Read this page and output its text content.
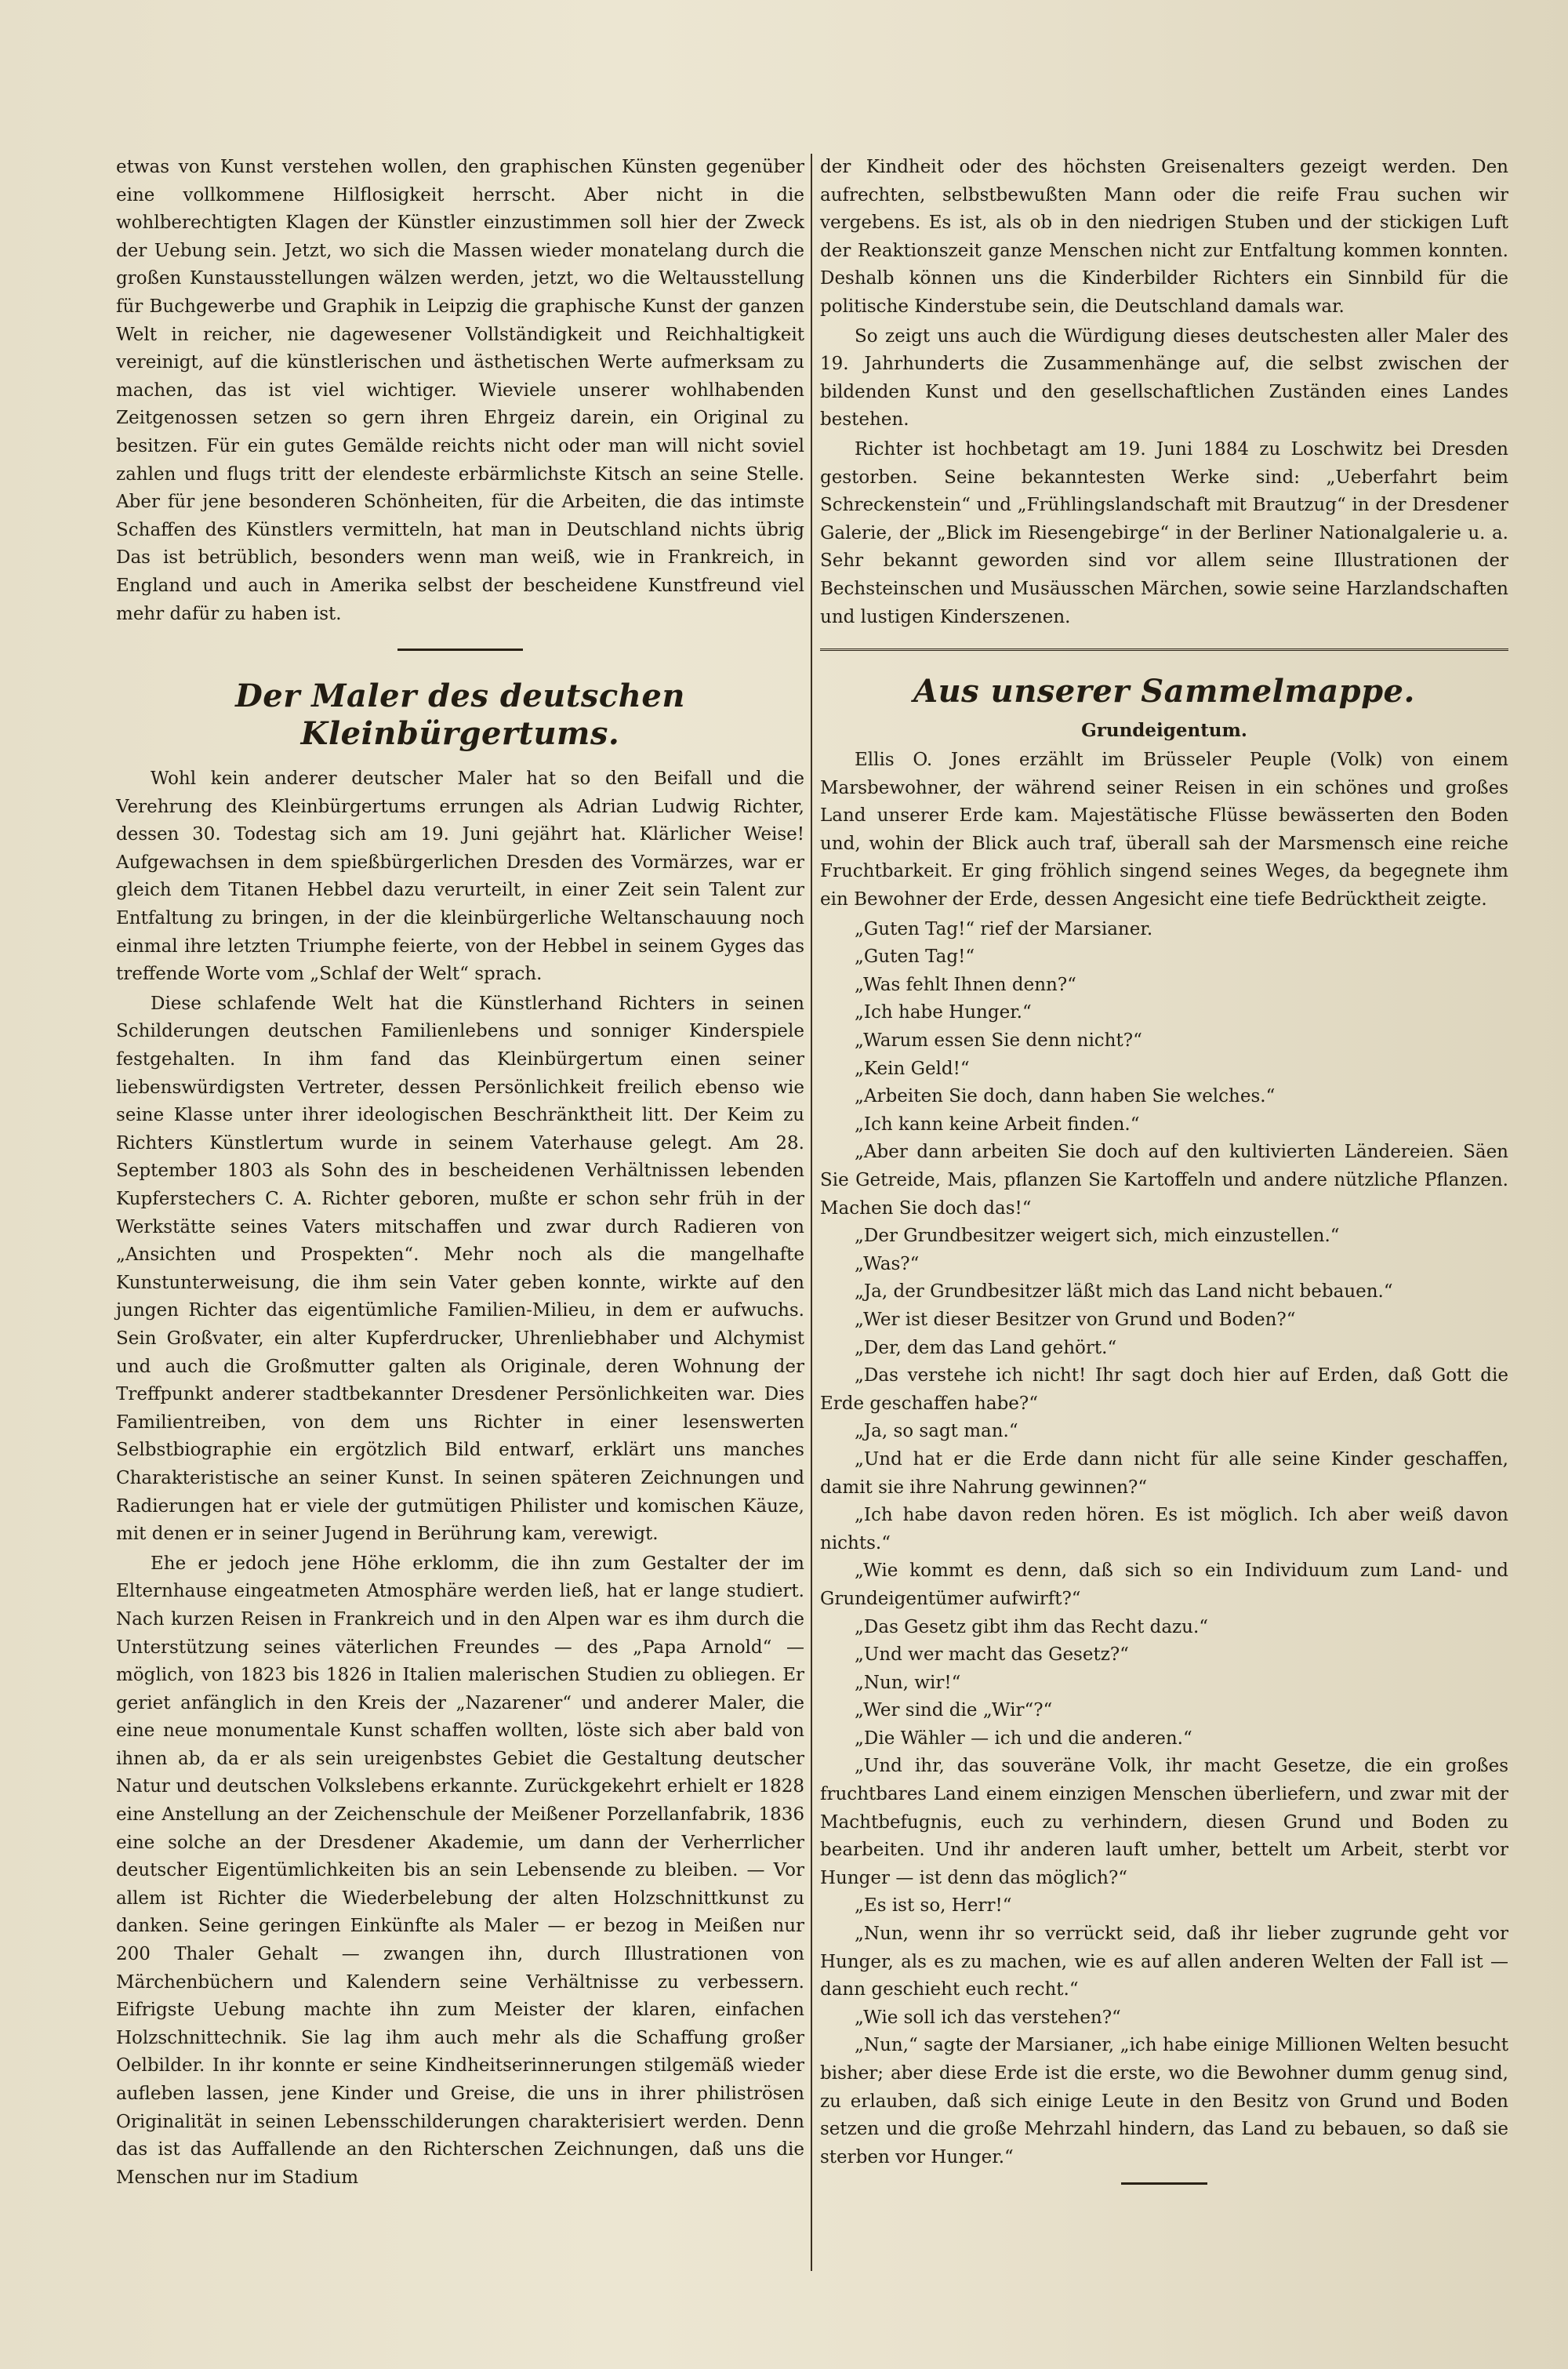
etwas von Kunst verstehen wollen, den graphischen Künsten gegenüber eine vollkommene Hilflosigkeit herrscht. Aber nicht in die wohlberechtigten Klagen der Künstler einzustimmen soll hier der Zweck der Uebung sein. Jetzt, wo sich die Massen wieder monatelang durch die großen Kunstausstellungen wälzen werden, jetzt, wo die Weltausstellung für Buchgewerbe und Graphik in Leipzig die graphische Kunst der ganzen Welt in reicher, nie dagewesener Vollständigkeit und Reichhaltigkeit vereinigt, auf die künstlerischen und ästhetischen Werte aufmerksam zu machen, das ist viel wichtiger. Wieviele unserer wohlhabenden Zeitgenossen setzen so gern ihren Ehrgeiz darein, ein Original zu besitzen. Für ein gutes Gemälde reichts nicht oder man will nicht soviel zahlen und flugs tritt der elendeste erbärmlichste Kitsch an seine Stelle. Aber für jene besonderen Schönheiten, für die Arbeiten, die das intimste Schaffen des Künstlers vermitteln, hat man in Deutschland nichts übrig Das ist betrüblich, besonders wenn man weiß, wie in Frankreich, in England und auch in Amerika selbst der bescheidene Kunstfreund viel mehr dafür zu haben ist.

Der Maler des deutschen Kleinbürgertums.

Wohl kein anderer deutscher Maler hat so den Beifall und die Verehrung des Kleinbürgertums errungen als Adrian Ludwig Richter, dessen 30. Todestag sich am 19. Juni gejährt hat. Klärlicher Weise! Aufgewachsen in dem spießbürgerlichen Dresden des Vormärzes, war er gleich dem Titanen Hebbel dazu verurteilt, in einer Zeit sein Talent zur Entfaltung zu bringen, in der die kleinbürgerliche Weltanschauung noch einmal ihre letzten Triumphe feierte, von der Hebbel in seinem Gyges das treffende Worte vom „Schlaf der Welt“ sprach.

Diese schlafende Welt hat die Künstlerhand Richters in seinen Schilderungen deutschen Familienlebens und sonniger Kinderspiele festgehalten. In ihm fand das Kleinbürgertum einen seiner liebenswürdigsten Vertreter, dessen Persönlichkeit freilich ebenso wie seine Klasse unter ihrer ideologischen Beschränktheit litt. Der Keim zu Richters Künstlertum wurde in seinem Vaterhause gelegt. Am 28. September 1803 als Sohn des in bescheidenen Verhältnissen lebenden Kupferstechers C. A. Richter geboren, mußte er schon sehr früh in der Werkstätte seines Vaters mitschaffen und zwar durch Radieren von „Ansichten und Prospekten“. Mehr noch als die mangelhafte Kunstunterweisung, die ihm sein Vater geben konnte, wirkte auf den jungen Richter das eigentümliche Familien-Milieu, in dem er aufwuchs. Sein Großvater, ein alter Kupferdrucker, Uhrenliebhaber und Alchymist und auch die Großmutter galten als Originale, deren Wohnung der Treffpunkt anderer stadtbekannter Dresdener Persönlichkeiten war. Dies Familientreiben, von dem uns Richter in einer lesenswerten Selbstbiographie ein ergötzlich Bild entwarf, erklärt uns manches Charakteristische an seiner Kunst. In seinen späteren Zeichnungen und Radierungen hat er viele der gutmütigen Philister und komischen Käuze, mit denen er in seiner Jugend in Berührung kam, verewigt.

Ehe er jedoch jene Höhe erklomm, die ihn zum Gestalter der im Elternhause eingeatmeten Atmosphäre werden ließ, hat er lange studiert. Nach kurzen Reisen in Frankreich und in den Alpen war es ihm durch die Unterstützung seines väterlichen Freundes — des „Papa Arnold“ — möglich, von 1823 bis 1826 in Italien malerischen Studien zu obliegen. Er geriet anfänglich in den Kreis der „Nazarener“ und anderer Maler, die eine neue monumentale Kunst schaffen wollten, löste sich aber bald von ihnen ab, da er als sein ureigenbstes Gebiet die Gestaltung deutscher Natur und deutschen Volkslebens erkannte. Zurückgekehrt erhielt er 1828 eine Anstellung an der Zeichenschule der Meißener Porzellanfabrik, 1836 eine solche an der Dresdener Akademie, um dann der Verherrlicher deutscher Eigentümlichkeiten bis an sein Lebensende zu bleiben. — Vor allem ist Richter die Wiederbelebung der alten Holzschnittkunst zu danken. Seine geringen Einkünfte als Maler — er bezog in Meißen nur 200 Thaler Gehalt — zwangen ihn, durch Illustrationen von Märchenbüchern und Kalendern seine Verhältnisse zu verbessern. Eifrigste Uebung machte ihn zum Meister der klaren, einfachen Holzschnittechnik. Sie lag ihm auch mehr als die Schaffung großer Oelbilder. In ihr konnte er seine Kindheitserinnerungen stilgemäß wieder aufleben lassen, jene Kinder und Greise, die uns in ihrer philiströsen Originalität in seinen Lebensschilderungen charakterisiert werden. Denn das ist das Auffallende an den Richterschen Zeichnungen, daß uns die Menschen nur im Stadium

der Kindheit oder des höchsten Greisenalters gezeigt werden. Den aufrechten, selbstbewußten Mann oder die reife Frau suchen wir vergebens. Es ist, als ob in den niedrigen Stuben und der stickigen Luft der Reaktionszeit ganze Menschen nicht zur Entfaltung kommen konnten. Deshalb können uns die Kinderbilder Richters ein Sinnbild für die politische Kinderstube sein, die Deutschland damals war.

So zeigt uns auch die Würdigung dieses deutschesten aller Maler des 19. Jahrhunderts die Zusammenhänge auf, die selbst zwischen der bildenden Kunst und den gesellschaftlichen Zuständen eines Landes bestehen.

Richter ist hochbetagt am 19. Juni 1884 zu Loschwitz bei Dresden gestorben. Seine bekanntesten Werke sind: „Ueberfahrt beim Schreckenstein“ und „Frühlingslandschaft mit Brautzug“ in der Dresdener Galerie, der „Blick im Riesengebirge“ in der Berliner Nationalgalerie u. a. Sehr bekannt geworden sind vor allem seine Illustrationen der Bechsteinschen und Musäusschen Märchen, sowie seine Harzlandschaften und lustigen Kinderszenen.

Aus unserer Sammelmappe.
Grundeigentum.

Ellis O. Jones erzählt im Brüsseler Peuple (Volk) von einem Marsbewohner, der während seiner Reisen in ein schönes und großes Land unserer Erde kam. Majestätische Flüsse bewässerten den Boden und, wohin der Blick auch traf, überall sah der Marsmensch eine reiche Fruchtbarkeit. Er ging fröhlich singend seines Weges, da begegnete ihm ein Bewohner der Erde, dessen Angesicht eine tiefe Bedrücktheit zeigte.

„Guten Tag!“ rief der Marsianer.

„Guten Tag!“

„Was fehlt Ihnen denn?“

„Ich habe Hunger.“

„Warum essen Sie denn nicht?“

„Kein Geld!“

„Arbeiten Sie doch, dann haben Sie welches.“

„Ich kann keine Arbeit finden.“

„Aber dann arbeiten Sie doch auf den kultivierten Ländereien. Säen Sie Getreide, Mais, pflanzen Sie Kartoffeln und andere nützliche Pflanzen. Machen Sie doch das!“

„Der Grundbesitzer weigert sich, mich einzustellen.“

„Was?“

„Ja, der Grundbesitzer läßt mich das Land nicht bebauen.“

„Wer ist dieser Besitzer von Grund und Boden?“

„Der, dem das Land gehört.“

„Das verstehe ich nicht! Ihr sagt doch hier auf Erden, daß Gott die Erde geschaffen habe?“

„Ja, so sagt man.“

„Und hat er die Erde dann nicht für alle seine Kinder geschaffen, damit sie ihre Nahrung gewinnen?“

„Ich habe davon reden hören. Es ist möglich. Ich aber weiß davon nichts.“

„Wie kommt es denn, daß sich so ein Individuum zum Land- und Grundeigentümer aufwirft?“

„Das Gesetz gibt ihm das Recht dazu.“

„Und wer macht das Gesetz?“

„Nun, wir!“

„Wer sind die „Wir“?“

„Die Wähler — ich und die anderen.“

„Und ihr, das souveräne Volk, ihr macht Gesetze, die ein großes fruchtbares Land einem einzigen Menschen überliefern, und zwar mit der Machtbefugnis, euch zu verhindern, diesen Grund und Boden zu bearbeiten. Und ihr anderen lauft umher, bettelt um Arbeit, sterbt vor Hunger — ist denn das möglich?“

„Es ist so, Herr!“

„Nun, wenn ihr so verrückt seid, daß ihr lieber zugrunde geht vor Hunger, als es zu machen, wie es auf allen anderen Welten der Fall ist — dann geschieht euch recht.“

„Wie soll ich das verstehen?“

„Nun,“ sagte der Marsianer, „ich habe einige Millionen Welten besucht bisher; aber diese Erde ist die erste, wo die Bewohner dumm genug sind, zu erlauben, daß sich einige Leute in den Besitz von Grund und Boden setzen und die große Mehrzahl hindern, das Land zu bebauen, so daß sie sterben vor Hunger.“
